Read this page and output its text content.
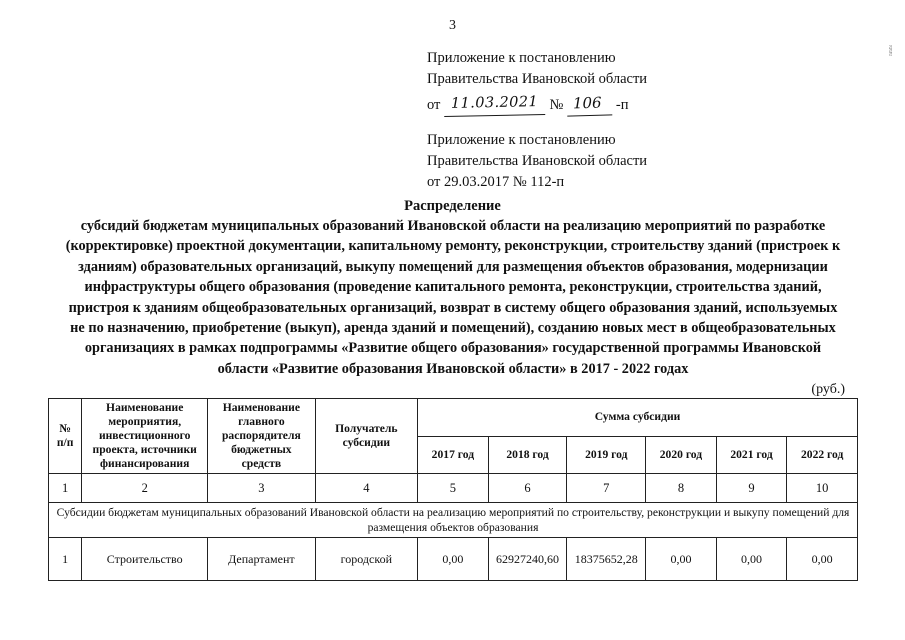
3
≈≈≈
Приложение к постановлению
Правительства Ивановской области
от 11.03.2021 № 106 -п
Приложение к постановлению
Правительства Ивановской области
от 29.03.2017 № 112-п
Распределение
субсидий бюджетам муниципальных образований Ивановской области на реализацию мероприятий по разработке (корректировке) проектной документации, капитальному ремонту, реконструкции, строительству зданий (пристроек к зданиям) образовательных организаций, выкупу помещений для размещения объектов образования, модернизации инфраструктуры общего образования (проведение капитального ремонта, реконструкции, строительства зданий, пристроя к зданиям общеобразовательных организаций, возврат в систему общего образования зданий, используемых не по назначению, приобретение (выкуп), аренда зданий и помещений), созданию новых мест в общеобразовательных организациях в рамках подпрограммы «Развитие общего образования» государственной программы Ивановской области «Развитие образования Ивановской области» в 2017 - 2022 годах
(руб.)
№
п/п	Наименование мероприятия, инвестиционного проекта, источники финансирования	Наименование главного распорядителя бюджетных средств	Получатель субсидии	Сумма субсидии					
				2017 год	2018 год	2019 год	2020 год	2021 год	2022 год
1	2	3	4	5	6	7	8	9	10
Субсидии бюджетам муниципальных образований Ивановской области на реализацию мероприятий по строительству, реконструкции и выкупу помещений для размещения объектов образования									
1	Строительство	Департамент	городской	0,00	62927240,60	18375652,28	0,00	0,00	0,00
